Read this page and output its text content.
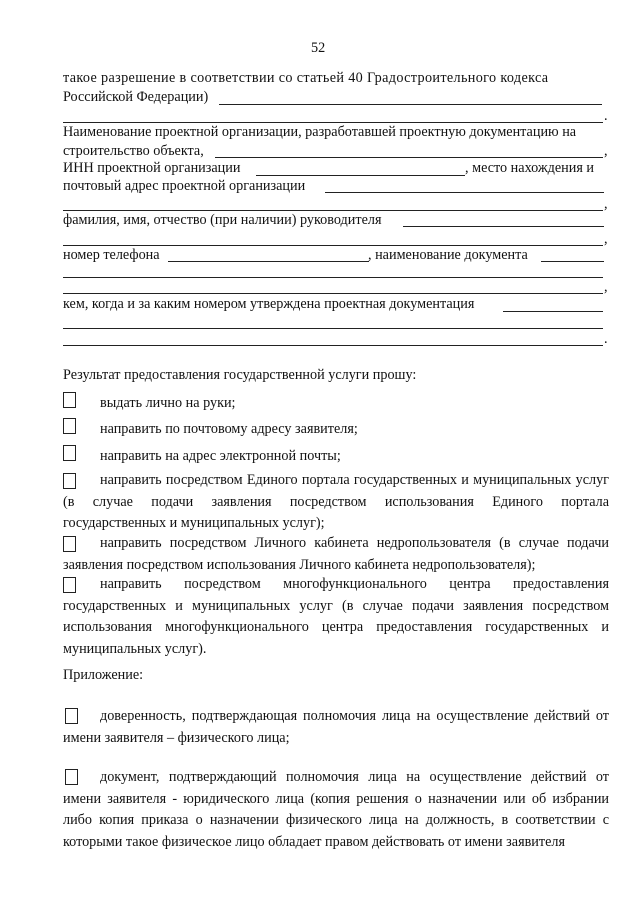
52
такое разрешение в соответствии со статьей 40 Градостроительного кодекса
Российской Федерации)
.
Наименование проектной организации, разработавшей проектную документацию на
строительство объекта,	,
ИНН проектной организации	, место нахождения и
почтовый адрес проектной организации
,
фамилия, имя, отчество (при наличии) руководителя
,
номер телефона	, наименование документа
,
кем, когда и за каким номером утверждена проектная документация
.
Результат предоставления государственной услуги прошу:
выдать лично на руки;
направить по почтовому адресу заявителя;
направить на адрес электронной почты;
направить посредством Единого портала государственных и муниципальных услуг (в случае подачи заявления посредством использования Единого портала государственных и муниципальных услуг);
направить посредством Личного кабинета недропользователя (в случае подачи заявления посредством использования Личного кабинета недропользователя);
направить посредством многофункционального центра предоставления государственных и муниципальных услуг (в случае подачи заявления посредством использования многофункционального центра предоставления государственных и муниципальных услуг).
Приложение:
доверенность, подтверждающая полномочия лица на осуществление действий от имени заявителя – физического лица;
документ, подтверждающий полномочия лица на осуществление действий от имени заявителя - юридического лица (копия решения о назначении или об избрании либо копия приказа о назначении физического лица на должность, в соответствии с которыми такое физическое лицо обладает правом действовать от имени заявителя
